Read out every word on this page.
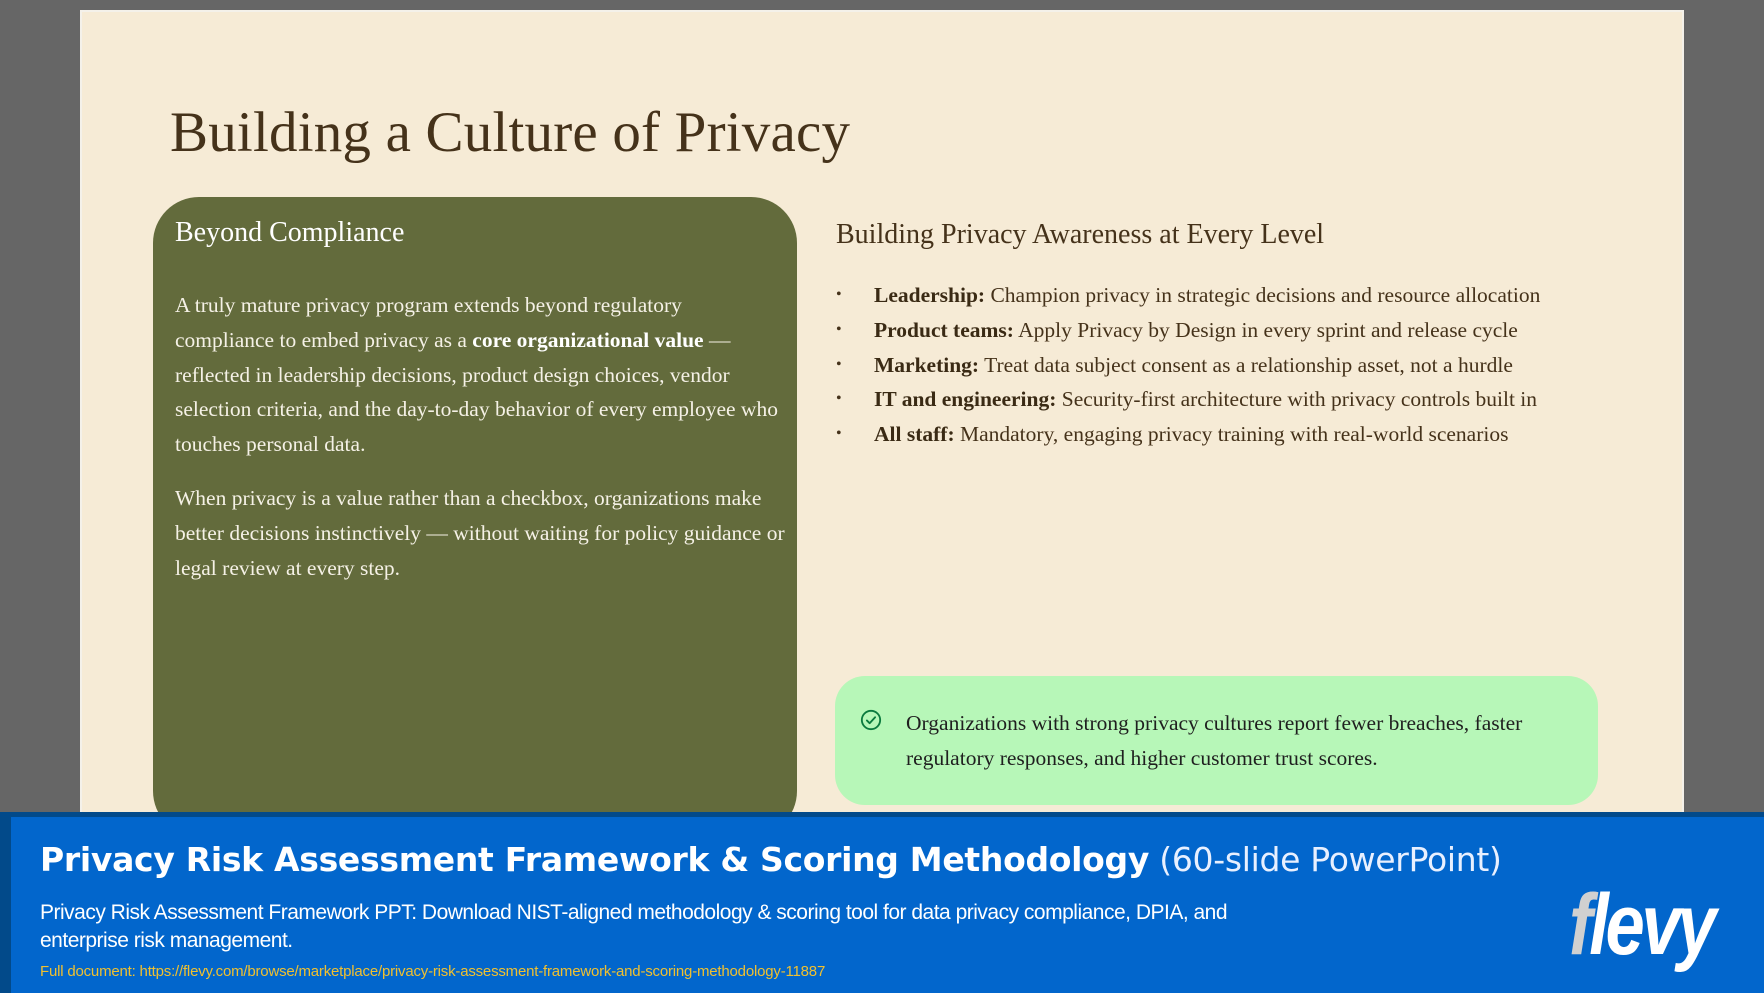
Building a Culture of Privacy
Beyond Compliance

A truly mature privacy program extends beyond regulatory compliance to embed privacy as a core organizational value — reflected in leadership decisions, product design choices, vendor selection criteria, and the day-to-day behavior of every employee who touches personal data.

When privacy is a value rather than a checkbox, organizations make better decisions instinctively — without waiting for policy guidance or legal review at every step.

Building Privacy Awareness at Every Level
• Leadership: Champion privacy in strategic decisions and resource allocation
• Product teams: Apply Privacy by Design in every sprint and release cycle
• Marketing: Treat data subject consent as a relationship asset, not a hurdle
• IT and engineering: Security-first architecture with privacy controls built in
• All staff: Mandatory, engaging privacy training with real-world scenarios
Organizations with strong privacy cultures report fewer breaches, faster regulatory responses, and higher customer trust scores.
Privacy Risk Assessment Framework & Scoring Methodology (60-slide PowerPoint)
Privacy Risk Assessment Framework PPT: Download NIST-aligned methodology & scoring tool for data privacy compliance, DPIA, and enterprise risk management.
Full document: https://flevy.com/browse/marketplace/privacy-risk-assessment-framework-and-scoring-methodology-11887	flevy
